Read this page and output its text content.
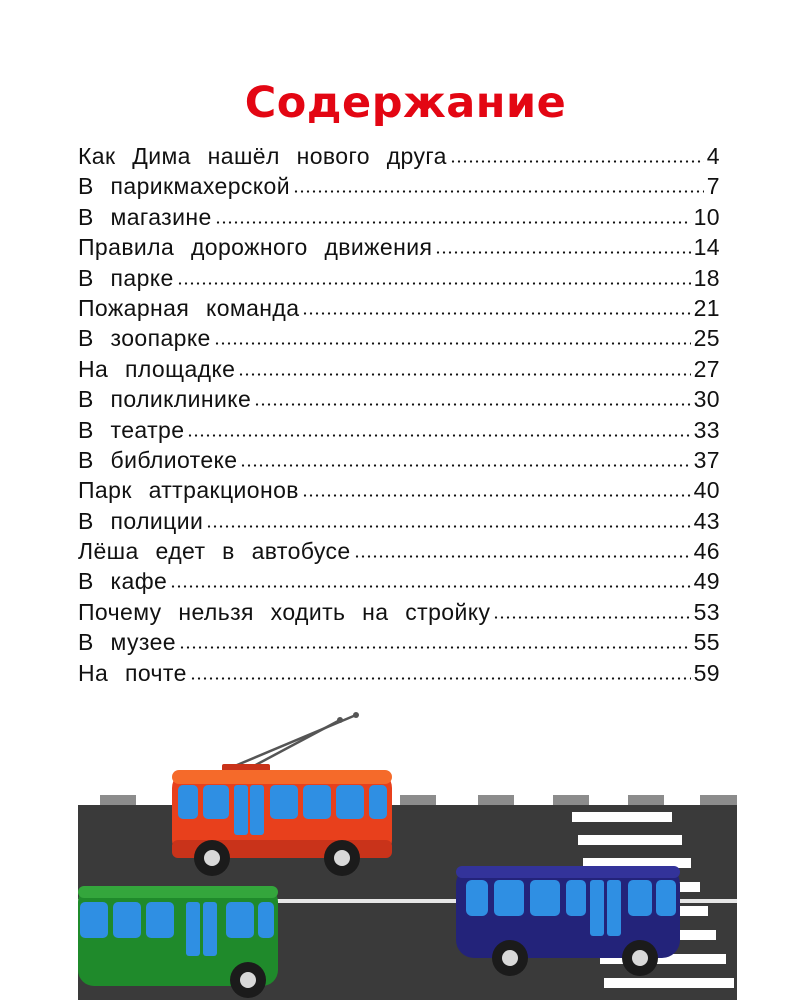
Содержание
Как Дима нашёл нового друга	4
В парикмахерской	7
В магазине	10
Правила дорожного движения	14
В парке	18
Пожарная команда	21
В зоопарке	25
На площадке	27
В поликлинике	30
В театре	33
В библиотеке	37
Парк аттракционов	40
В полиции	43
Лёша едет в автобусе	46
В кафе	49
Почему нельзя ходить на стройку	53
В музее	55
На почте	59
